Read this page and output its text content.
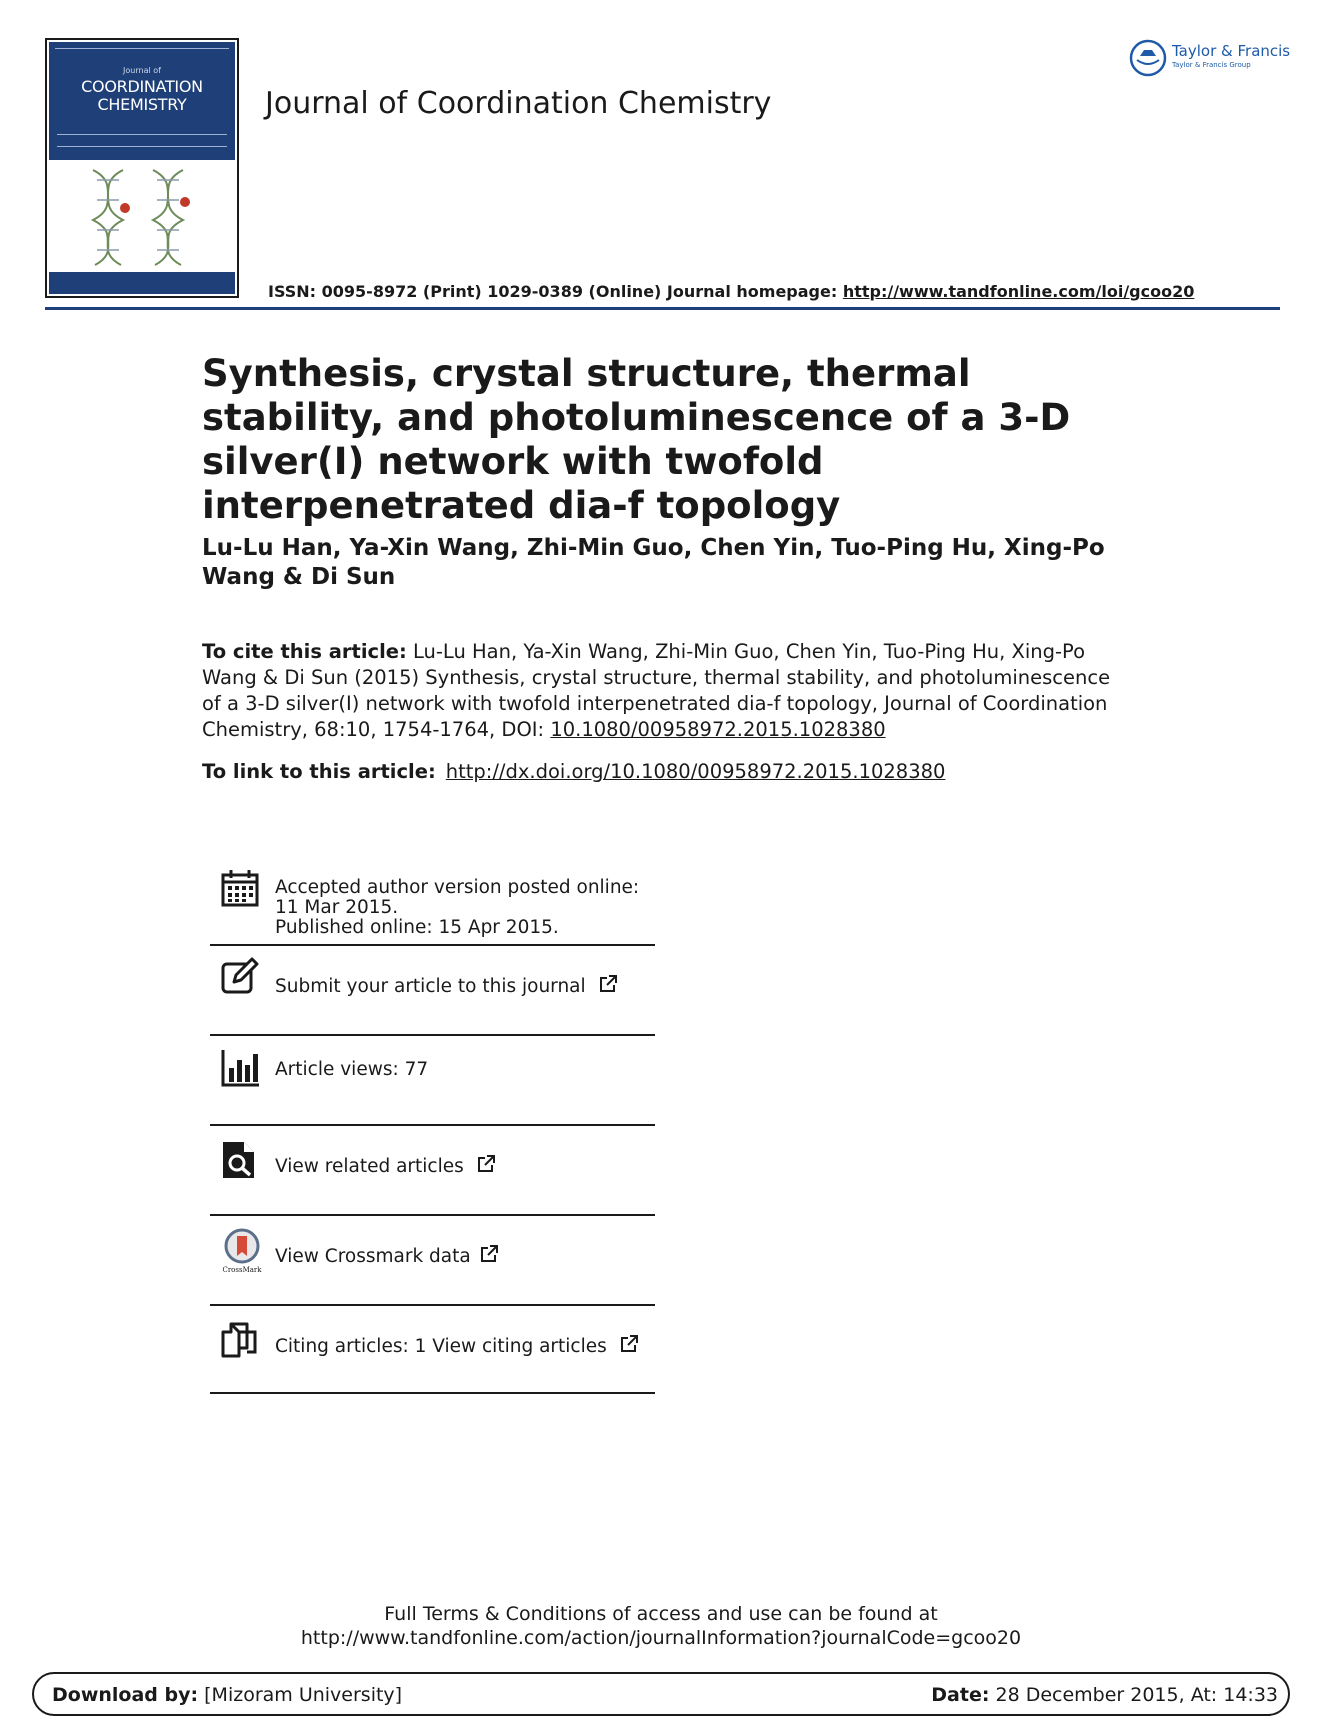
Journal of
COORDINATION
CHEMISTRY	Journal of Coordination Chemistry
Taylor & Francis
Taylor & Francis Group
ISSN: 0095-8972 (Print) 1029-0389 (Online) Journal homepage: http://www.tandfonline.com/loi/gcoo20
Synthesis, crystal structure, thermal stability, and photoluminescence of a 3-D silver(I) network with twofold interpenetrated dia-f topology
Lu-Lu Han, Ya-Xin Wang, Zhi-Min Guo, Chen Yin, Tuo-Ping Hu, Xing-Po Wang & Di Sun
To cite this article: Lu-Lu Han, Ya-Xin Wang, Zhi-Min Guo, Chen Yin, Tuo-Ping Hu, Xing-Po Wang & Di Sun (2015) Synthesis, crystal structure, thermal stability, and photoluminescence of a 3-D silver(I) network with twofold interpenetrated dia-f topology, Journal of Coordination Chemistry, 68:10, 1754-1764, DOI: 10.1080/00958972.2015.1028380
To link to this article: http://dx.doi.org/10.1080/00958972.2015.1028380
Accepted author version posted online: 11 Mar 2015.
Published online: 15 Apr 2015.
Submit your article to this journal
Article views: 77
View related articles
CrossMark
View Crossmark data
Citing articles: 1 View citing articles
Full Terms & Conditions of access and use can be found at
http://www.tandfonline.com/action/journalInformation?journalCode=gcoo20
Download by: [Mizoram University]	Date: 28 December 2015, At: 14:33
